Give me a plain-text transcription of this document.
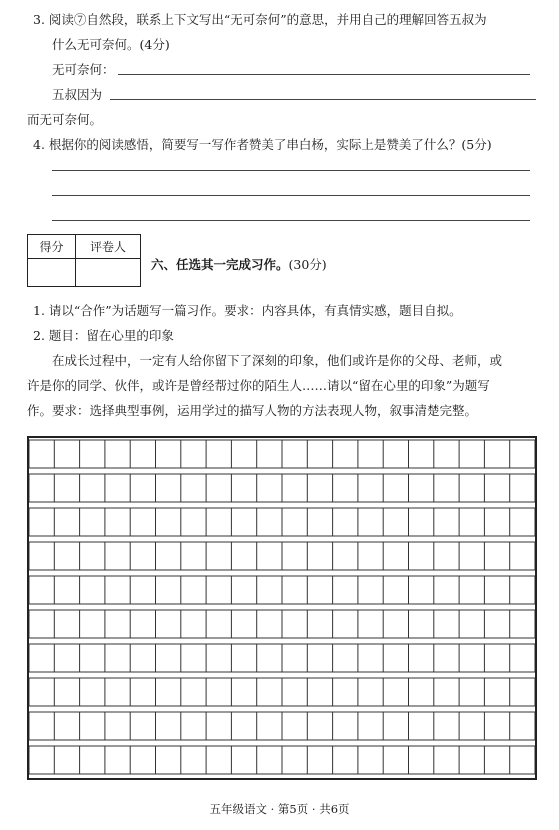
3. 阅读⑦自然段，联系上下文写出“无可奈何”的意思，并用自己的理解回答五叔为
什么无可奈何。(4分)
无可奈何：
五叔因为
而无可奈何。
4. 根据你的阅读感悟，简要写一写作者赞美了串白杨，实际上是赞美了什么？(5分)
得分	评卷人

六、任选其一完成习作。(30分)
1. 请以“合作”为话题写一篇习作。要求：内容具体，有真情实感，题目自拟。
2. 题目：留在心里的印象
在成长过程中，一定有人给你留下了深刻的印象，他们或许是你的父母、老师，或
许是你的同学、伙伴，或许是曾经帮过你的陌生人……请以“留在心里的印象”为题写
作。要求：选择典型事例，运用学过的描写人物的方法表现人物，叙事清楚完整。
五年级语文 · 第5页 · 共6页
